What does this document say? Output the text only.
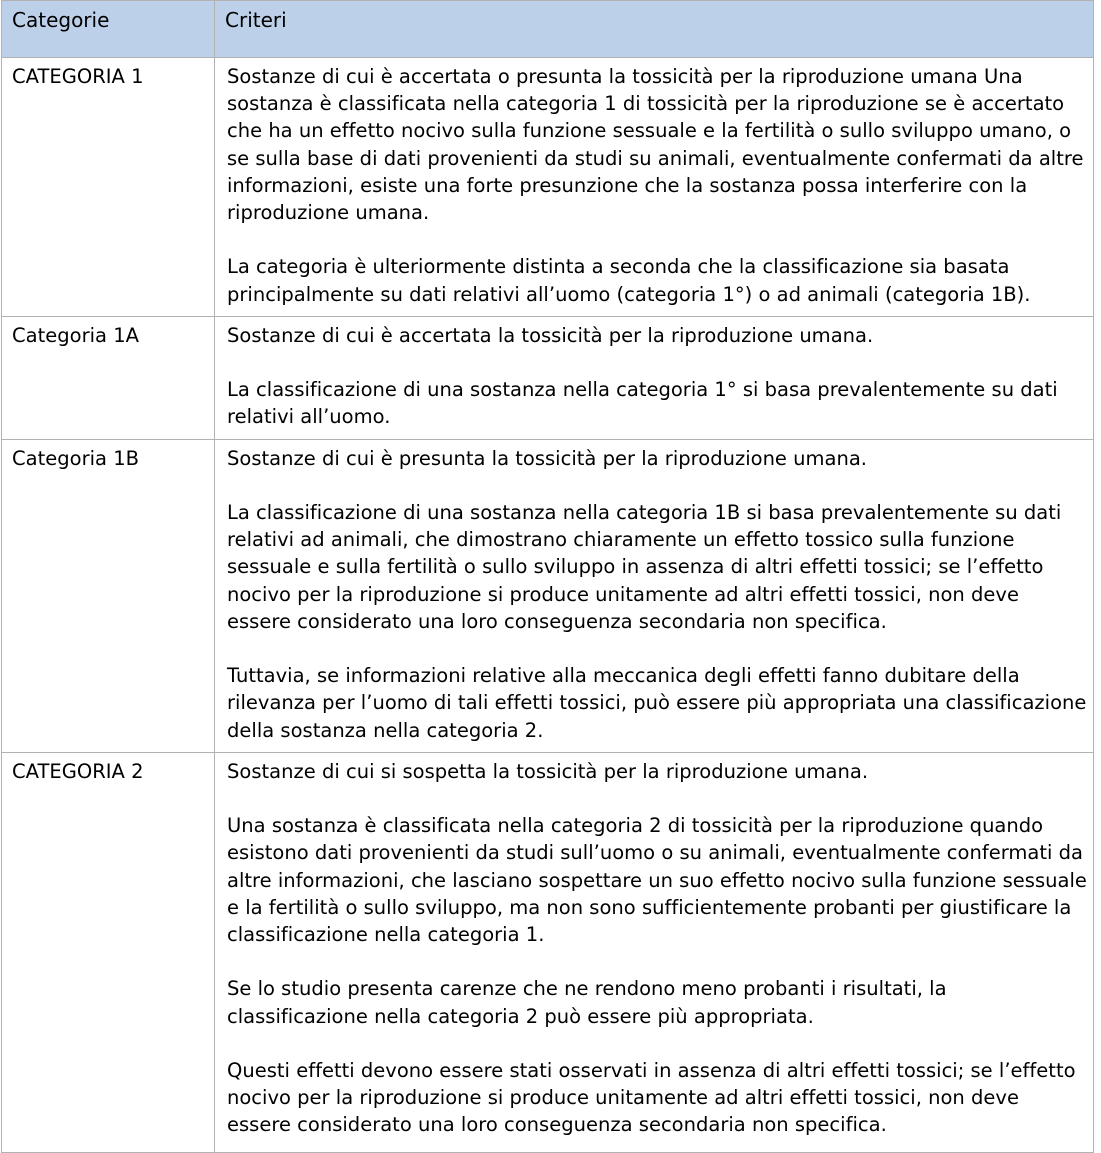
Categorie	Criteri

CATEGORIA 1	Sostanze di cui è accertata o presunta la tossicità per la riproduzione umana Una sostanza è classificata nella categoria 1 di tossicità per la riproduzione se è accertato che ha un effetto nocivo sulla funzione sessuale e la fertilità o sullo sviluppo umano, o se sulla base di dati provenienti da studi su animali, eventualmente confermati da altre informazioni, esiste una forte presunzione che la sostanza possa interferire con la riproduzione umana.

La categoria è ulteriormente distinta a seconda che la classificazione sia basata principalmente su dati relativi all’uomo (categoria 1°) o ad animali (categoria 1B).

Categoria 1A	Sostanze di cui è accertata la tossicità per la riproduzione umana.

La classificazione di una sostanza nella categoria 1° si basa prevalentemente su dati relativi all’uomo.

Categoria 1B	Sostanze di cui è presunta la tossicità per la riproduzione umana.

La classificazione di una sostanza nella categoria 1B si basa prevalentemente su dati relativi ad animali, che dimostrano chiaramente un effetto tossico sulla funzione sessuale e sulla fertilità o sullo sviluppo in assenza di altri effetti tossici; se l’effetto nocivo per la riproduzione si produce unitamente ad altri effetti tossici, non deve essere considerato una loro conseguenza secondaria non specifica.

Tuttavia, se informazioni relative alla meccanica degli effetti fanno dubitare della rilevanza per l’uomo di tali effetti tossici, può essere più appropriata una classificazione della sostanza nella categoria 2.

CATEGORIA 2	Sostanze di cui si sospetta la tossicità per la riproduzione umana.

Una sostanza è classificata nella categoria 2 di tossicità per la riproduzione quando esistono dati provenienti da studi sull’uomo o su animali, eventualmente confermati da altre informazioni, che lasciano sospettare un suo effetto nocivo sulla funzione sessuale e la fertilità o sullo sviluppo, ma non sono sufficientemente probanti per giustificare la classificazione nella categoria 1.

Se lo studio presenta carenze che ne rendono meno probanti i risultati, la classificazione nella categoria 2 può essere più appropriata.

Questi effetti devono essere stati osservati in assenza di altri effetti tossici; se l’effetto nocivo per la riproduzione si produce unitamente ad altri effetti tossici, non deve essere considerato una loro conseguenza secondaria non specifica.
